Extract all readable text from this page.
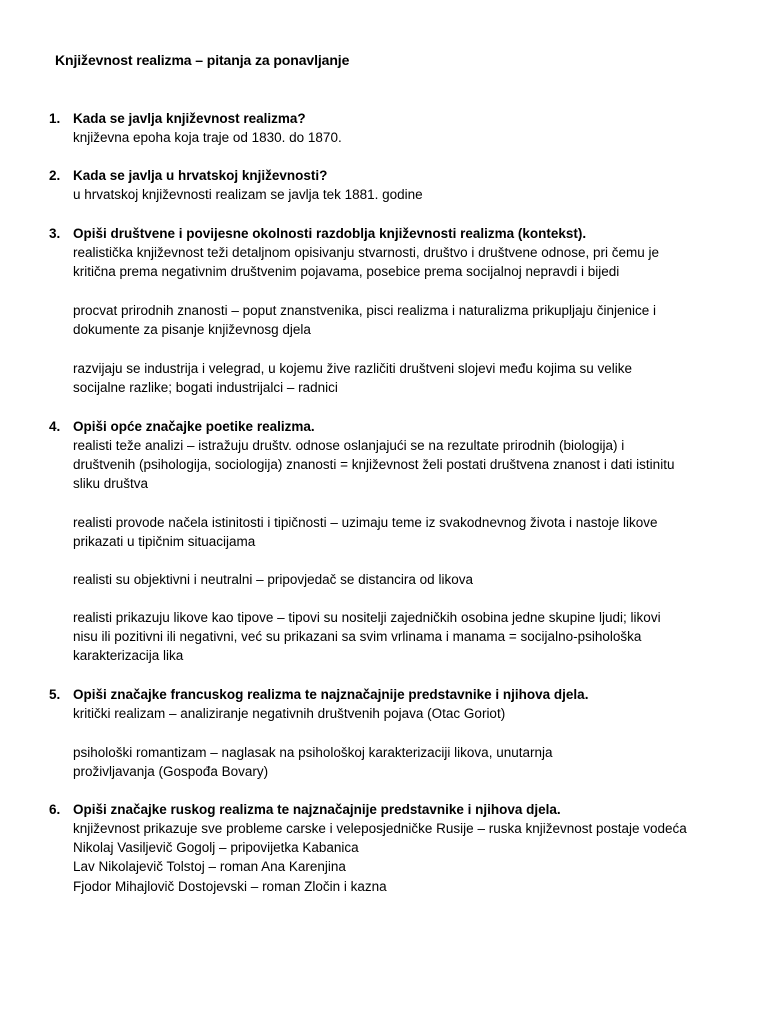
Književnost realizma – pitanja za ponavljanje
1. Kada se javlja književnost realizma?
književna epoha koja traje od 1830. do 1870.
2. Kada se javlja u hrvatskoj književnosti?
u hrvatskoj književnosti realizam se javlja tek 1881. godine
3. Opiši društvene i povijesne okolnosti razdoblja književnosti realizma (kontekst).
realistička književnost teži detaljnom opisivanju stvarnosti, društvo i društvene odnose, pri čemu je
kritična prema negativnim društvenim pojavama, posebice prema socijalnoj nepravdi i bijedi
procvat prirodnih znanosti – poput znanstvenika, pisci realizma i naturalizma prikupljaju činjenice i
dokumente za pisanje književnosg djela
razvijaju se industrija i velegrad, u kojemu žive različiti društveni slojevi među kojima su velike
socijalne razlike; bogati industrijalci – radnici
4. Opiši opće značajke poetike realizma.
realisti teže analizi – istražuju društv. odnose oslanjajući se na rezultate prirodnih (biologija) i
društvenih (psihologija, sociologija) znanosti = književnost želi postati društvena znanost i dati istinitu
sliku društva
realisti provode načela istinitosti i tipičnosti – uzimaju teme iz svakodnevnog života i nastoje likove
prikazati u tipičnim situacijama
realisti su objektivni i neutralni – pripovjedač se distancira od likova
realisti prikazuju likove kao tipove – tipovi su nositelji zajedničkih osobina jedne skupine ljudi; likovi
nisu ili pozitivni ili negativni, već su prikazani sa svim vrlinama i manama = socijalno-psihološka
karakterizacija lika
5. Opiši značajke francuskog realizma te najznačajnije predstavnike i njihova djela.
kritički realizam – analiziranje negativnih društvenih pojava (Otac Goriot)
psihološki romantizam – naglasak na psihološkoj karakterizaciji likova, unutarnja
proživljavanja (Gospođa Bovary)
6. Opiši značajke ruskog realizma te najznačajnije predstavnike i njihova djela.
književnost prikazuje sve probleme carske i veleposjedničke Rusije – ruska književnost postaje vodeća
Nikolaj Vasiljevič Gogolj – pripovijetka Kabanica
Lav Nikolajevič Tolstoj – roman Ana Karenjina
Fjodor Mihajlovič Dostojevski – roman Zločin i kazna
